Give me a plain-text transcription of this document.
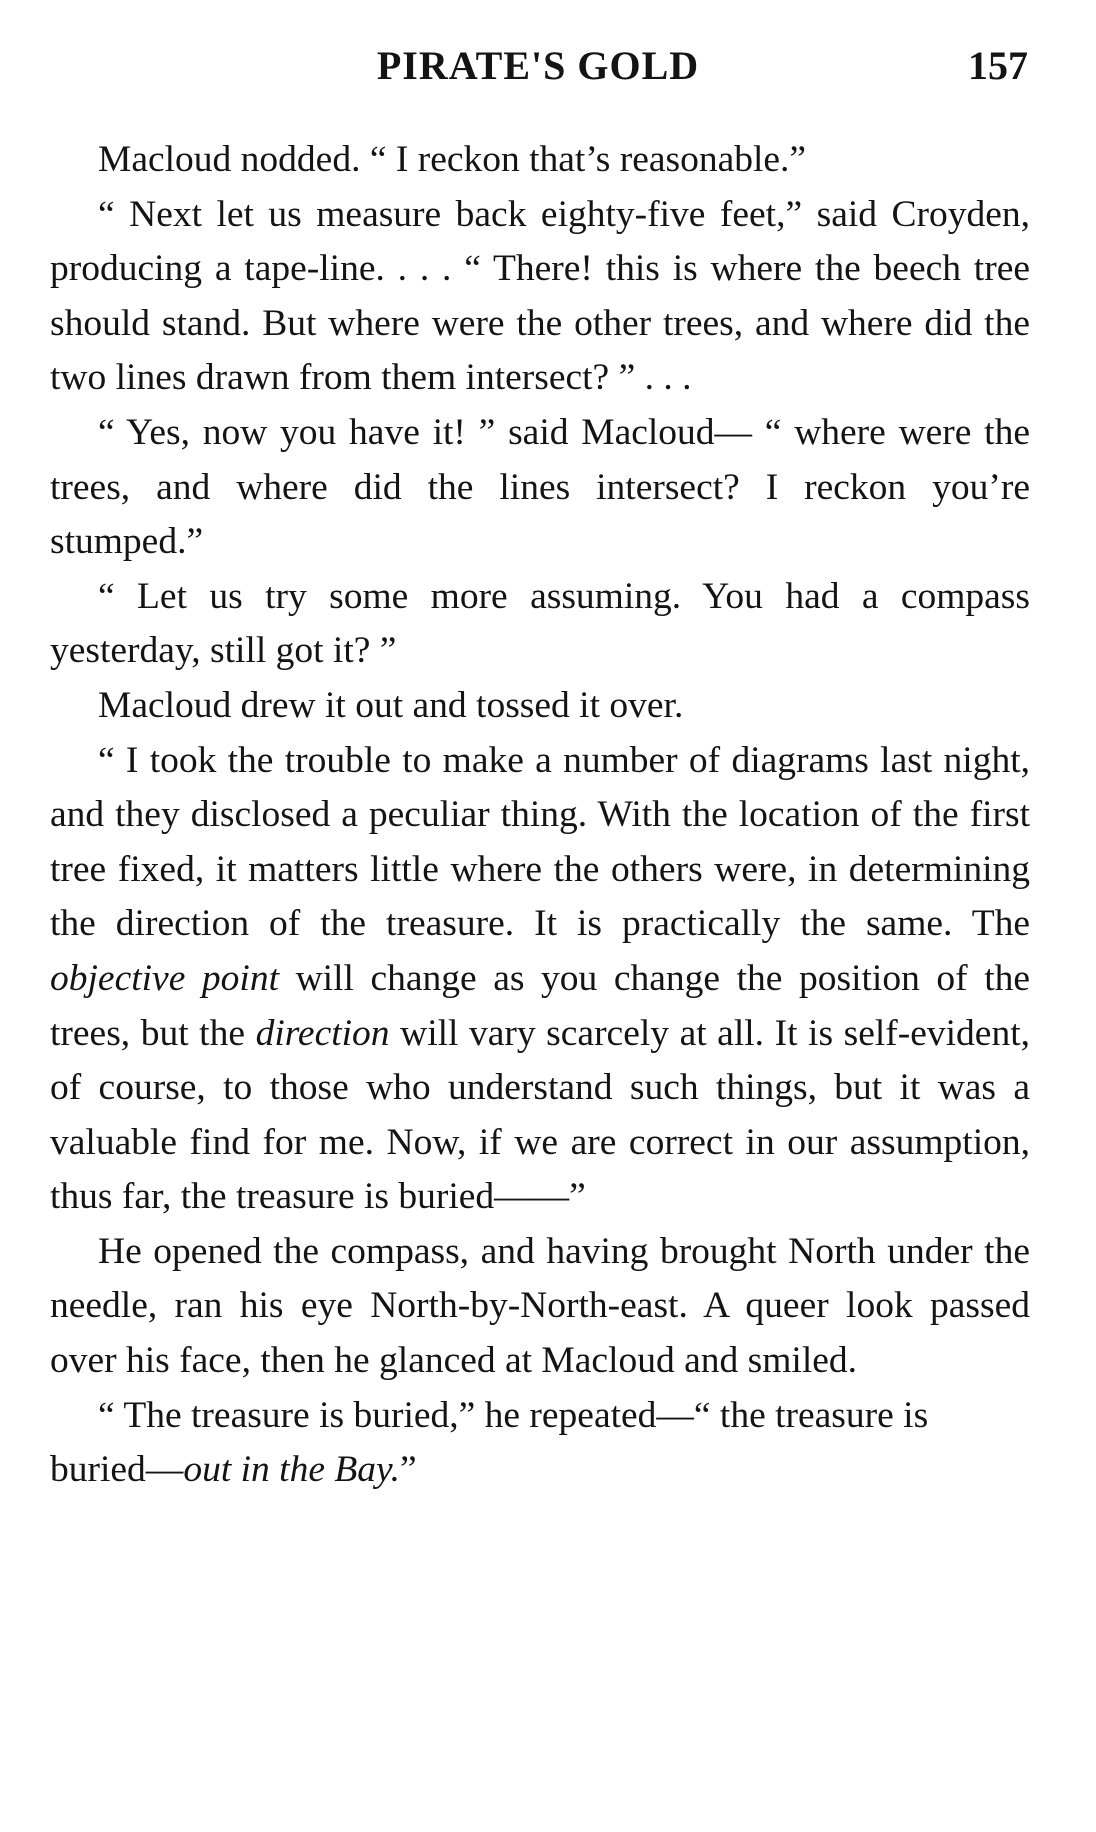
PIRATE'S GOLD	157

Macloud nodded. “ I reckon that’s reasonable.”

“ Next let us measure back eighty-five feet,” said Croyden, producing a tape-line. . . . “ There! this is where the beech tree should stand. But where were the other trees, and where did the two lines drawn from them intersect? ” . . .

“ Yes, now you have it! ” said Macloud— “ where were the trees, and where did the lines intersect? I reckon you’re stumped.”

“ Let us try some more assuming. You had a compass yesterday, still got it? ”

Macloud drew it out and tossed it over.

“ I took the trouble to make a number of diagrams last night, and they disclosed a peculiar thing. With the location of the first tree fixed, it matters little where the others were, in determining the direction of the treasure. It is practically the same. The objective point will change as you change the position of the trees, but the direction will vary scarcely at all. It is self-evident, of course, to those who understand such things, but it was a valuable find for me. Now, if we are correct in our assumption, thus far, the treasure is buried——”

He opened the compass, and having brought North under the needle, ran his eye North-by-North-east. A queer look passed over his face, then he glanced at Macloud and smiled.

“ The treasure is buried,” he repeated—“ the treasure is buried—out in the Bay.”
